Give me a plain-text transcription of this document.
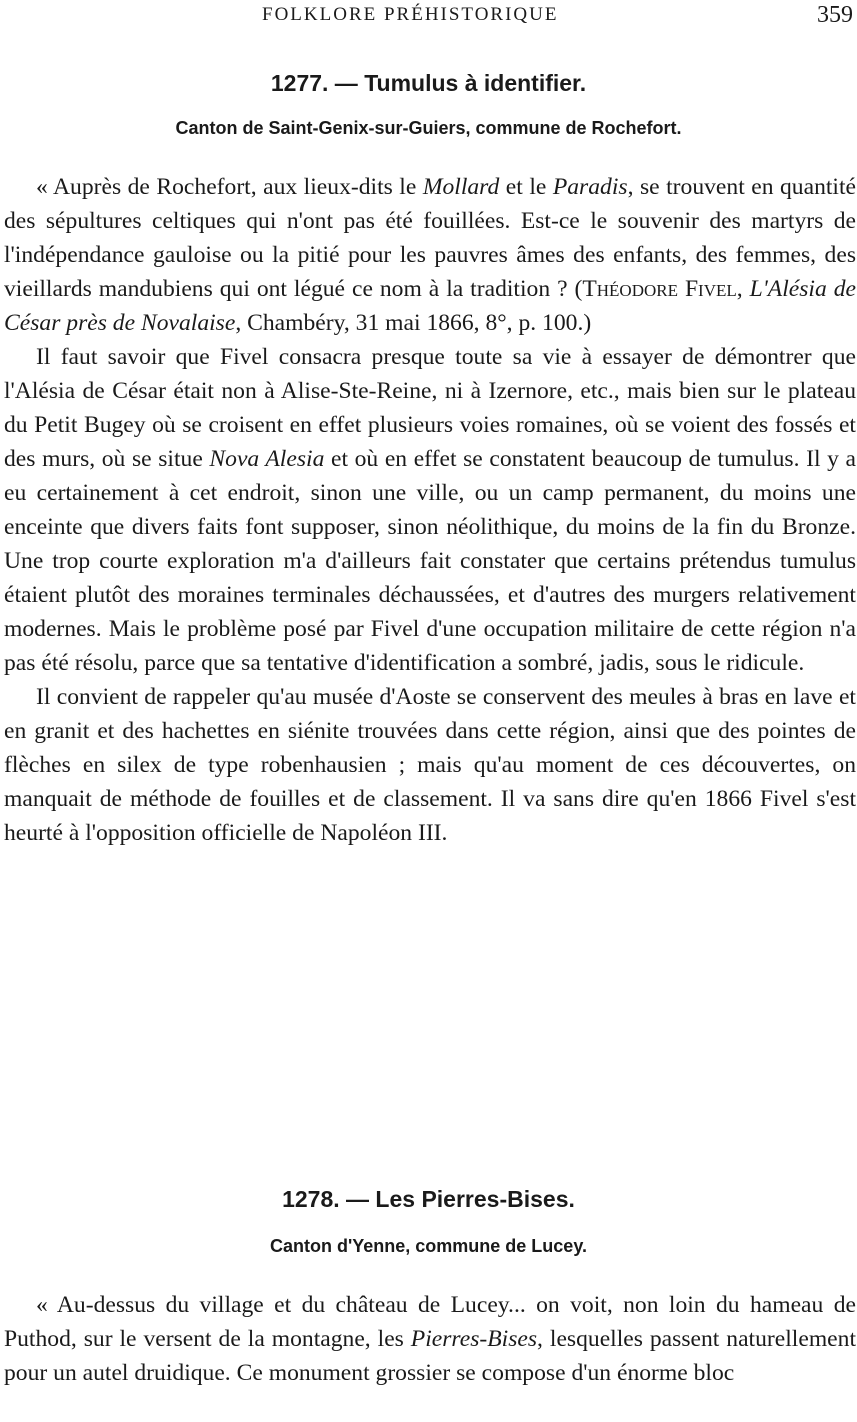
FOLKLORE PRÉHISTORIQUE	359
1277. — Tumulus à identifier.
Canton de Saint-Genix-sur-Guiers, commune de Rochefort.

« Auprès de Rochefort, aux lieux-dits le Mollard et le Paradis, se trouvent en quantité des sépultures celtiques qui n'ont pas été fouillées. Est-ce le souvenir des martyrs de l'indépendance gauloise ou la pitié pour les pauvres âmes des enfants, des femmes, des vieillards mandubiens qui ont légué ce nom à la tradition ? (Théodore Fivel, L'Alésia de César près de Novalaise, Chambéry, 31 mai 1866, 8°, p. 100.)

Il faut savoir que Fivel consacra presque toute sa vie à essayer de démontrer que l'Alésia de César était non à Alise-Ste-Reine, ni à Izernore, etc., mais bien sur le plateau du Petit Bugey où se croisent en effet plusieurs voies romaines, où se voient des fossés et des murs, où se situe Nova Alesia et où en effet se constatent beaucoup de tumulus. Il y a eu certainement à cet endroit, sinon une ville, ou un camp permanent, du moins une enceinte que divers faits font supposer, sinon néolithique, du moins de la fin du Bronze. Une trop courte exploration m'a d'ailleurs fait constater que certains prétendus tumulus étaient plutôt des moraines terminales déchaussées, et d'autres des murgers relativement modernes. Mais le problème posé par Fivel d'une occupation militaire de cette région n'a pas été résolu, parce que sa tentative d'identification a sombré, jadis, sous le ridicule.

Il convient de rappeler qu'au musée d'Aoste se conservent des meules à bras en lave et en granit et des hachettes en siénite trouvées dans cette région, ainsi que des pointes de flèches en silex de type robenhausien ; mais qu'au moment de ces découvertes, on manquait de méthode de fouilles et de classement. Il va sans dire qu'en 1866 Fivel s'est heurté à l'opposition officielle de Napoléon III.

1278. — Les Pierres-Bises.
Canton d'Yenne, commune de Lucey.

« Au-dessus du village et du château de Lucey... on voit, non loin du hameau de Puthod, sur le versent de la montagne, les Pierres-Bises, lesquelles passent naturellement pour un autel druidique. Ce monument grossier se compose d'un énorme bloc
